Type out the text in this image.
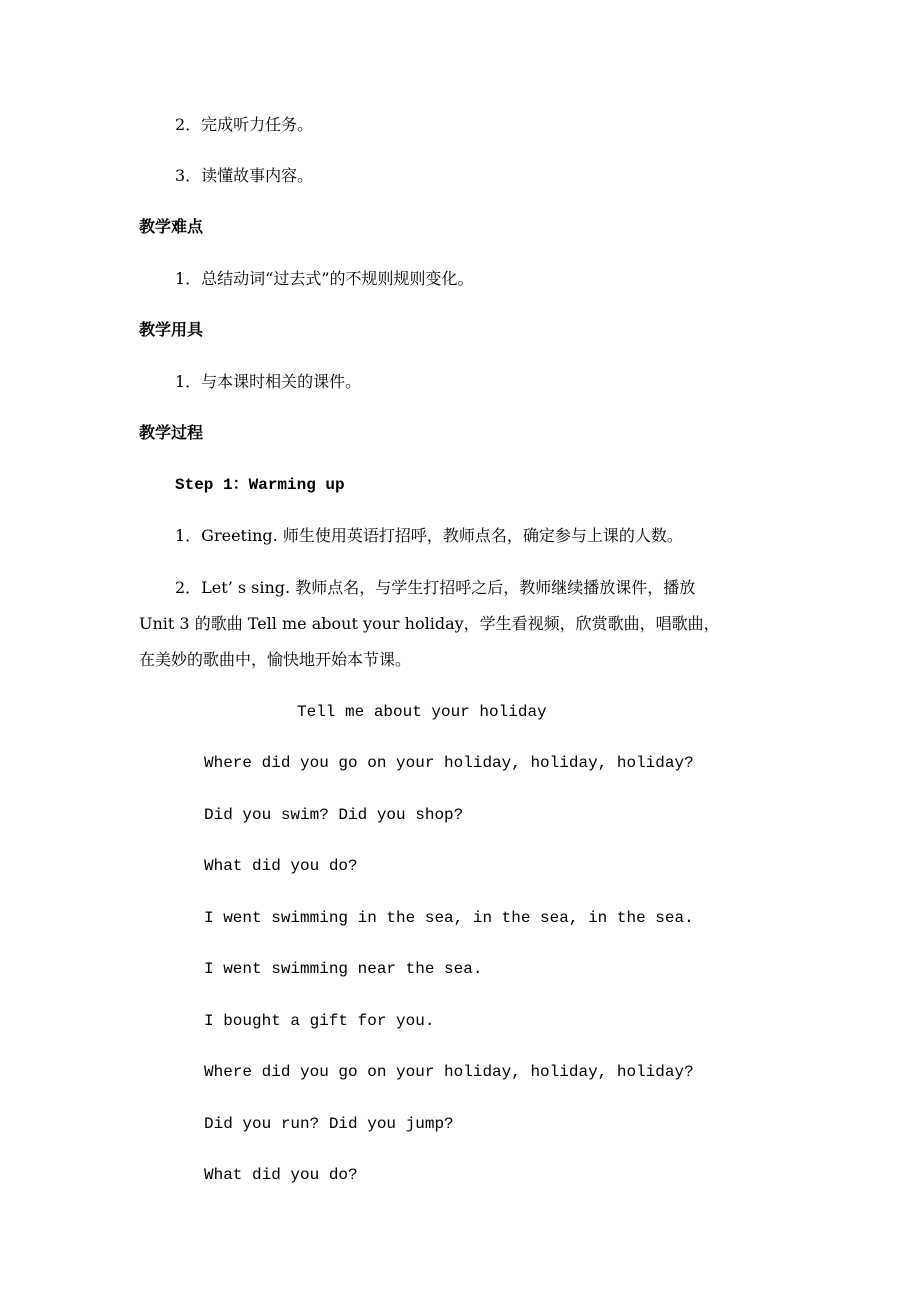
2．完成听力任务。
3．读懂故事内容。
教学难点
1．总结动词“过去式”的不规则规则变化。
教学用具
1．与本课时相关的课件。
教学过程
Step 1：Warming up
1．Greeting. 师生使用英语打招呼，教师点名，确定参与上课的人数。
2．Let’ s sing. 教师点名，与学生打招呼之后，教师继续播放课件，播放
Unit 3 的歌曲 Tell me about your holiday，学生看视频，欣赏歌曲，唱歌曲，
在美妙的歌曲中，愉快地开始本节课。
Tell me about your holiday
Where did you go on your holiday, holiday, holiday?
Did you swim? Did you shop?
What did you do?
I went swimming in the sea, in the sea, in the sea.
I went swimming near the sea.
I bought a gift for you.
Where did you go on your holiday, holiday, holiday?
Did you run? Did you jump?
What did you do?
